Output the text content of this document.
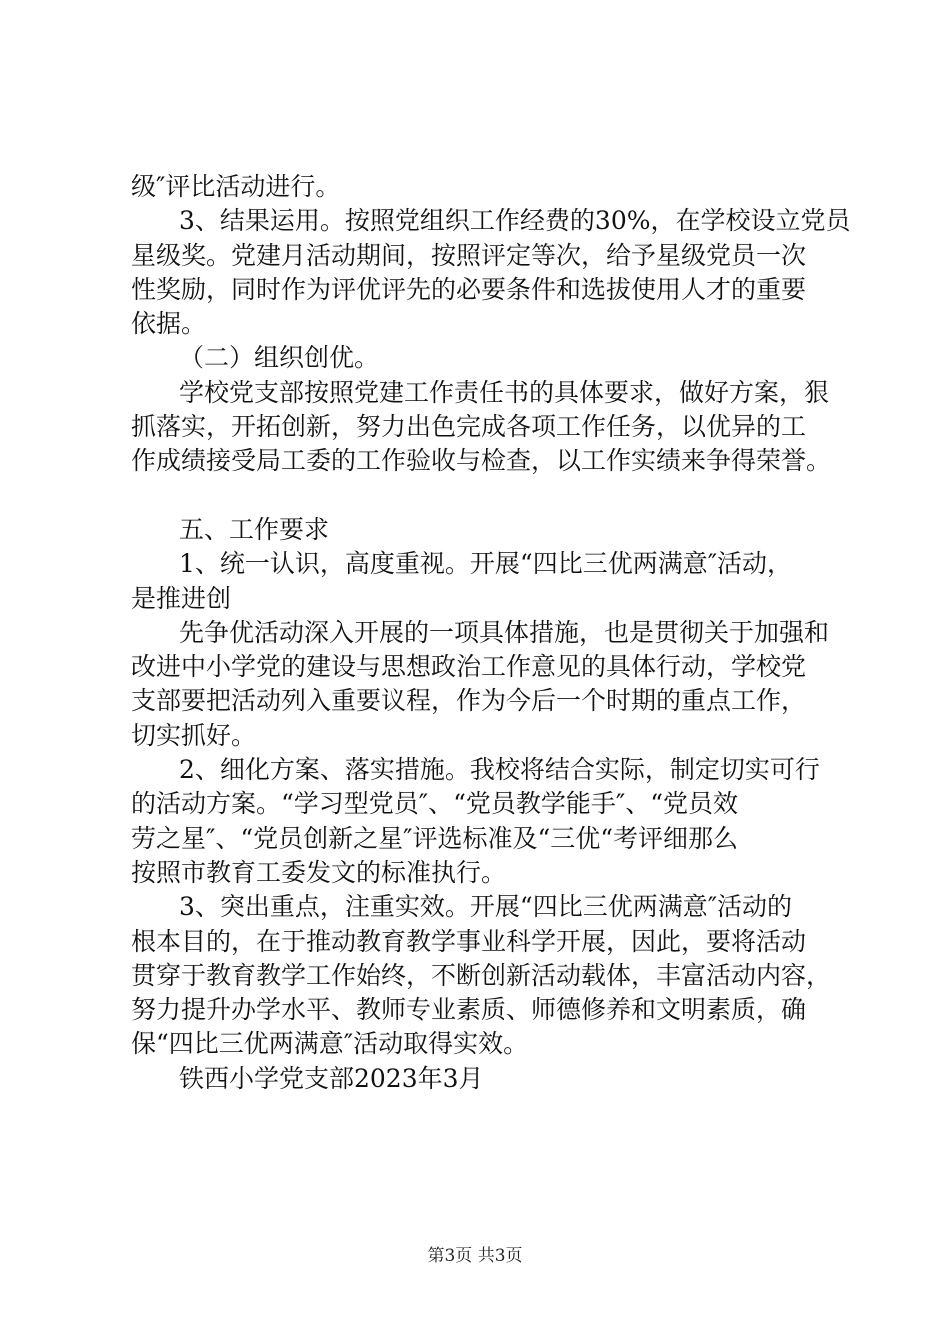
级″评比活动进行。
3、结果运用。按照党组织工作经费的30%，在学校设立党员
星级奖。党建月活动期间，按照评定等次，给予星级党员一次
性奖励，同时作为评优评先的必要条件和选拔使用人才的重要
依据。
（二）组织创优。
学校党支部按照党建工作责任书的具体要求，做好方案，狠
抓落实，开拓创新，努力出色完成各项工作任务，以优异的工
作成绩接受局工委的工作验收与检查，以工作实绩来争得荣誉。
五、工作要求
1、统一认识，高度重视。开展“四比三优两满意″活动，
是推进创
先争优活动深入开展的一项具体措施，也是贯彻关于加强和
改进中小学党的建设与思想政治工作意见的具体行动，学校党
支部要把活动列入重要议程，作为今后一个时期的重点工作，
切实抓好。
2、细化方案、落实措施。我校将结合实际，制定切实可行
的活动方案。“学习型党员″、“党员教学能手″、“党员效
劳之星″、“党员创新之星″评选标准及“三优“考评细那么
按照市教育工委发文的标准执行。
3、突出重点，注重实效。开展“四比三优两满意″活动的
根本目的，在于推动教育教学事业科学开展，因此，要将活动
贯穿于教育教学工作始终，不断创新活动载体，丰富活动内容，
努力提升办学水平、教师专业素质、师德修养和文明素质，确
保“四比三优两满意″活动取得实效。
铁西小学党支部2023年3月
第3页 共3页
